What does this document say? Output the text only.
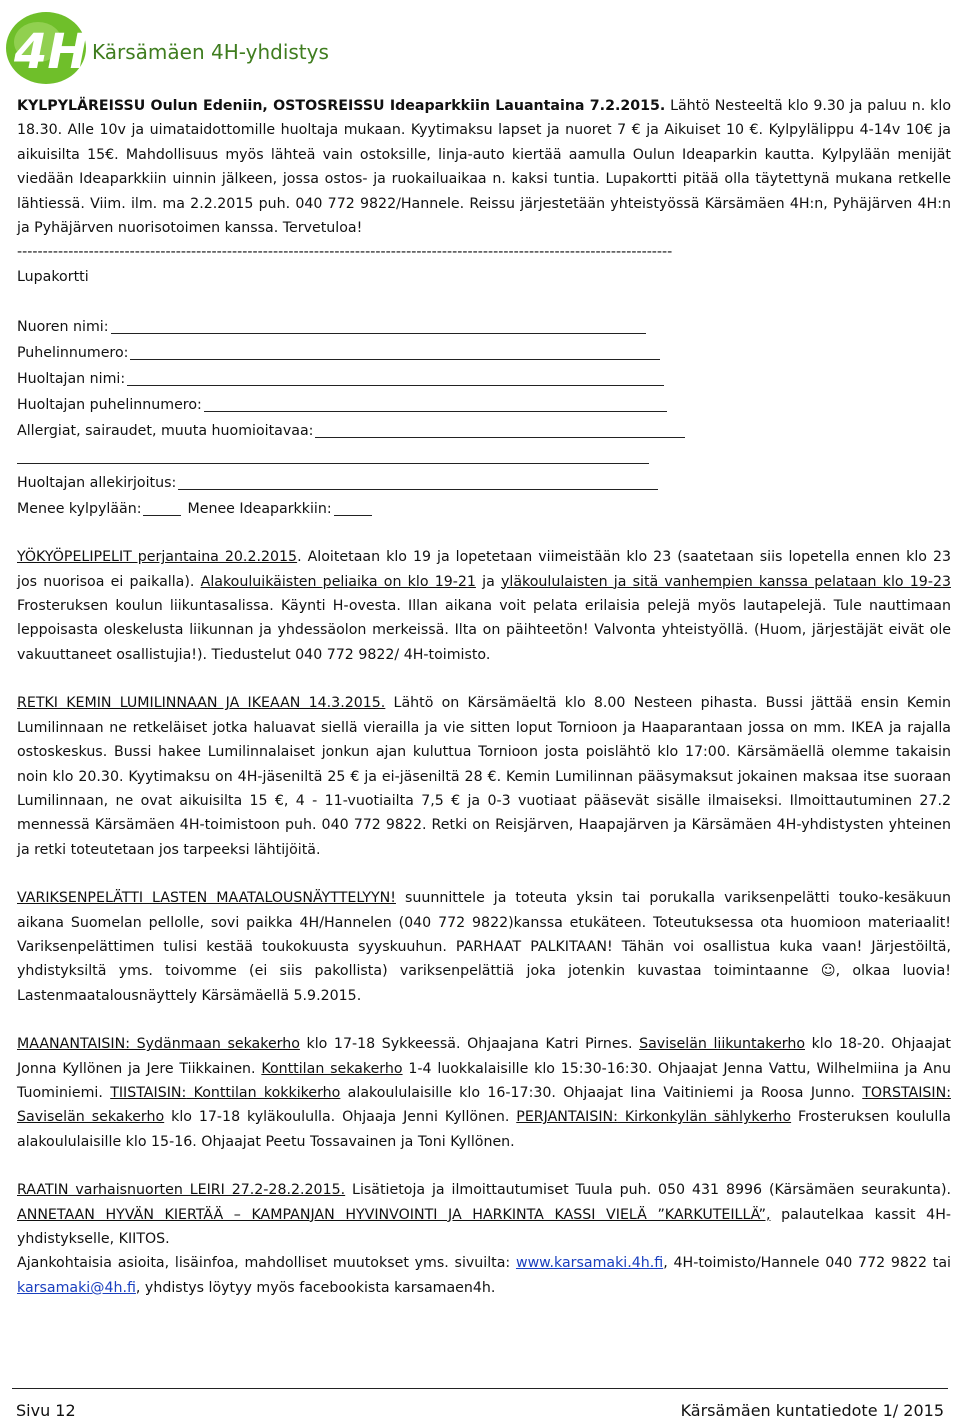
4H Kärsämäen 4H-yhdistys

KYLPYLÄREISSU Oulun Edeniin, OSTOSREISSU Ideaparkkiin Lauantaina 7.2.2015. Lähtö Nesteeltä klo 9.30 ja paluu n. klo 18.30. Alle 10v ja uimataidottomille huoltaja mukaan. Kyytimaksu lapset ja nuoret 7 € ja Aikuiset 10 €. Kylpylälippu 4-14v 10€ ja aikuisilta 15€. Mahdollisuus myös lähteä vain ostoksille, linja-auto kiertää aamulla Oulun Ideaparkin kautta. Kylpylään menijät viedään Ideaparkkiin uinnin jälkeen, jossa ostos- ja ruokailuaikaa n. kaksi tuntia. Lupakortti pitää olla täytettynä mukana retkelle lähtiessä. Viim. ilm. ma 2.2.2015 puh. 040 772 9822/Hannele. Reissu järjestetään yhteistyössä Kärsämäen 4H:n, Pyhäjärven 4H:n ja Pyhäjärven nuorisotoimen kanssa. Tervetuloa!

--------------------------------------------------------------------------------------------------------------------------------
Lupakortti
Nuoren nimi:
Puhelinnumero:
Huoltajan nimi:
Huoltajan puhelinnumero:
Allergiat, sairaudet, muuta huomioitavaa:
Huoltajan allekirjoitus:
Menee kylpylään:	Menee Ideaparkkiin:

YÖKYÖPELIPELIT perjantaina 20.2.2015. Aloitetaan klo 19 ja lopetetaan viimeistään klo 23 (saatetaan siis lopetella ennen klo 23 jos nuorisoa ei paikalla). Alakouluikäisten peliaika on klo 19-21 ja yläkoululaisten ja sitä vanhempien kanssa pelataan klo 19-23 Frosteruksen koulun liikuntasalissa. Käynti H-ovesta. Illan aikana voit pelata erilaisia pelejä myös lautapelejä. Tule nauttimaan leppoisasta oleskelusta liikunnan ja yhdessäolon merkeissä. Ilta on päihteetön! Valvonta yhteistyöllä. (Huom, järjestäjät eivät ole vakuuttaneet osallistujia!). Tiedustelut 040 772 9822/ 4H-toimisto.

RETKI KEMIN LUMILINNAAN JA IKEAAN 14.3.2015. Lähtö on Kärsämäeltä klo 8.00 Nesteen pihasta. Bussi jättää ensin Kemin Lumilinnaan ne retkeläiset jotka haluavat siellä vierailla ja vie sitten loput Tornioon ja Haaparantaan jossa on mm. IKEA ja rajalla ostoskeskus. Bussi hakee Lumilinnalaiset jonkun ajan kuluttua Tornioon josta poislähtö klo 17:00. Kärsämäellä olemme takaisin noin klo 20.30. Kyytimaksu on 4H-jäseniltä 25 € ja ei-jäseniltä 28 €. Kemin Lumilinnan pääsymaksut jokainen maksaa itse suoraan Lumilinnaan, ne ovat aikuisilta 15 €, 4 - 11-vuotiailta 7,5 € ja 0-3 vuotiaat pääsevät sisälle ilmaiseksi. Ilmoittautuminen 27.2 mennessä Kärsämäen 4H-toimistoon puh. 040 772 9822. Retki on Reisjärven, Haapajärven ja Kärsämäen 4H-yhdistysten yhteinen ja retki toteutetaan jos tarpeeksi lähtijöitä.

VARIKSENPELÄTTI LASTEN MAATALOUSNÄYTTELYYN! suunnittele ja toteuta yksin tai porukalla variksenpelätti touko-kesäkuun aikana Suomelan pellolle, sovi paikka 4H/Hannelen (040 772 9822)kanssa etukäteen. Toteutuksessa ota huomioon materiaalit! Variksenpelättimen tulisi kestää toukokuusta syyskuuhun. PARHAAT PALKITAAN! Tähän voi osallistua kuka vaan! Järjestöiltä, yhdistyksiltä yms. toivomme (ei siis pakollista) variksenpelättiä joka jotenkin kuvastaa toimintaanne ☺, olkaa luovia! Lastenmaatalousnäyttely Kärsämäellä 5.9.2015.

MAANANTAISIN: Sydänmaan sekakerho klo 17-18 Sykkeessä. Ohjaajana Katri Pirnes. Saviselän liikuntakerho klo 18-20. Ohjaajat Jonna Kyllönen ja Jere Tiikkainen. Konttilan sekakerho 1-4 luokkalaisille klo 15:30-16:30. Ohjaajat Jenna Vattu, Wilhelmiina ja Anu Tuominiemi. TIISTAISIN: Konttilan kokkikerho alakoululaisille klo 16-17:30. Ohjaajat Iina Vaitiniemi ja Roosa Junno. TORSTAISIN: Saviselän sekakerho klo 17-18 kyläkoululla. Ohjaaja Jenni Kyllönen. PERJANTAISIN: Kirkonkylän sählykerho Frosteruksen koululla alakoululaisille klo 15-16. Ohjaajat Peetu Tossavainen ja Toni Kyllönen.

RAATIN varhaisnuorten LEIRI 27.2-28.2.2015. Lisätietoja ja ilmoittautumiset Tuula puh. 050 431 8996 (Kärsämäen seurakunta). ANNETAAN HYVÄN KIERTÄÄ – KAMPANJAN HYVINVOINTI JA HARKINTA KASSI VIELÄ ”KARKUTEILLÄ”, palautelkaa kassit 4H-yhdistykselle, KIITOS.

Ajankohtaisia asioita, lisäinfoa, mahdolliset muutokset yms. sivuilta: www.karsamaki.4h.fi, 4H-toimisto/Hannele 040 772 9822 tai karsamaki@4h.fi, yhdistys löytyy myös facebookista karsamaen4h.

Sivu 12	Kärsämäen kuntatiedote 1/ 2015
